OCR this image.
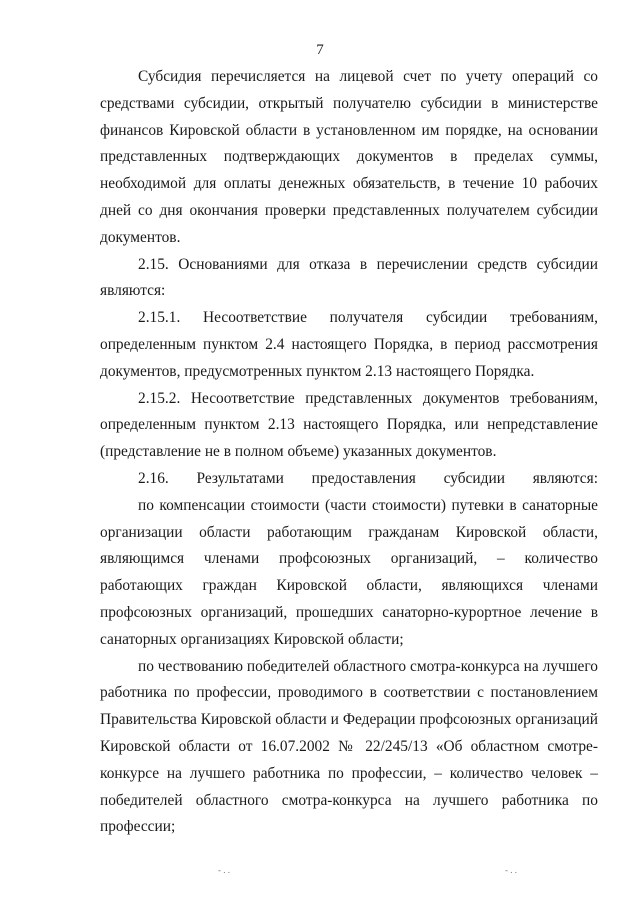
7

Субсидия перечисляется на лицевой счет по учету операций со средствами субсидии, открытый получателю субсидии в министерстве финансов Кировской области в установленном им порядке, на основании представленных подтверждающих документов в пределах суммы, необходимой для оплаты денежных обязательств, в течение 10 рабочих дней со дня окончания проверки представленных получателем субсидии документов.

2.15. Основаниями для отказа в перечислении средств субсидии являются:

2.15.1. Несоответствие получателя субсидии требованиям, определенным пунктом 2.4 настоящего Порядка, в период рассмотрения документов, предусмотренных пунктом 2.13 настоящего Порядка.

2.15.2. Несоответствие представленных документов требованиям, определенным пунктом 2.13 настоящего Порядка, или непредставление (представление не в полном объеме) указанных документов.

2.16. Результатами предоставления субсидии являются:

по компенсации стоимости (части стоимости) путевки в санаторные организации области работающим гражданам Кировской области, являющимся членами профсоюзных организаций, – количество работающих граждан Кировской области, являющихся членами профсоюзных организаций, прошедших санаторно-курортное лечение в санаторных организациях Кировской области;

по чествованию победителей областного смотра-конкурса на лучшего работника по профессии, проводимого в соответствии с постановлением Правительства Кировской области и Федерации профсоюзных организаций Кировской области от 16.07.2002 № 22/245/13 «Об областном смотре-конкурсе на лучшего работника по профессии, – количество человек – победителей областного смотра-конкурса на лучшего работника по профессии;

‑ . .	‑ . .
